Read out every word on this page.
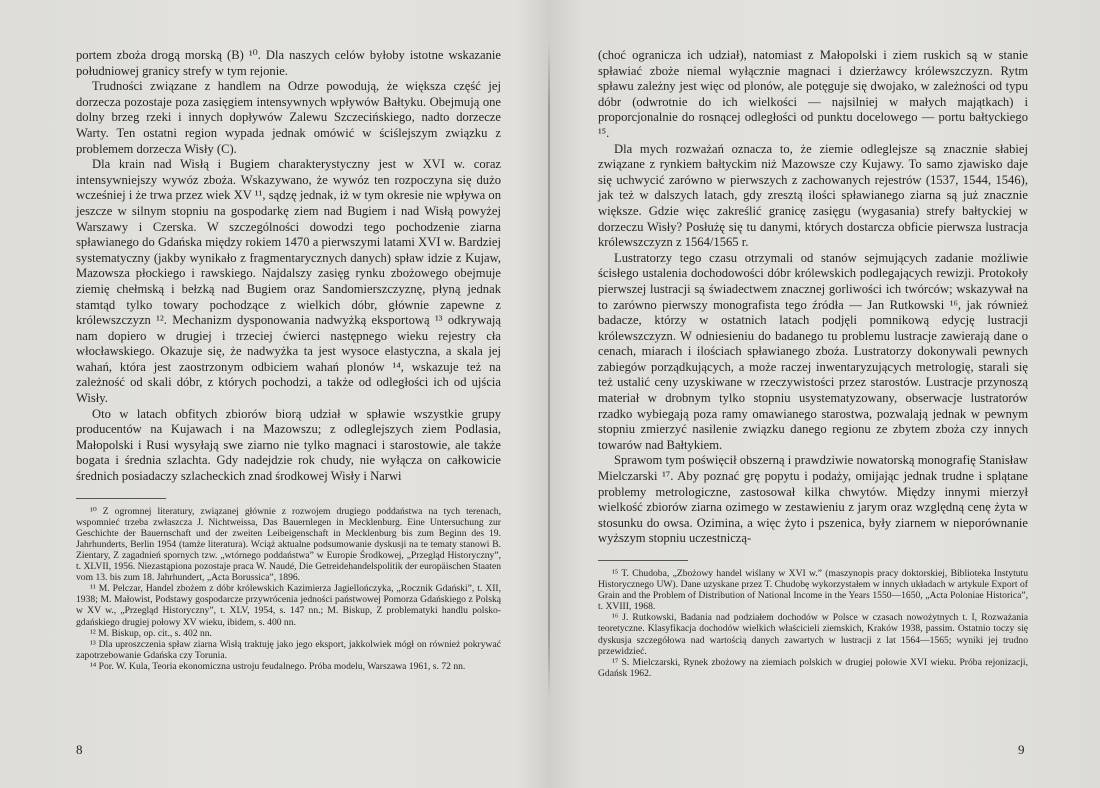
portem zboża drogą morską (B) ¹⁰. Dla naszych celów byłoby istotne wskazanie południowej granicy strefy w tym rejonie.

Trudności związane z handlem na Odrze powodują, że większa część jej dorzecza pozostaje poza zasięgiem intensywnych wpływów Bałtyku. Obejmują one dolny brzeg rzeki i innych dopływów Zalewu Szczecińskiego, nadto dorzecze Warty. Ten ostatni region wypada jednak omówić w ściślejszym związku z problemem dorzecza Wisły (C).

Dla krain nad Wisłą i Bugiem charakterystyczny jest w XVI w. coraz intensywniejszy wywóz zboża. Wskazywano, że wywóz ten rozpoczyna się dużo wcześniej i że trwa przez wiek XV ¹¹, sądzę jednak, iż w tym okresie nie wpływa on jeszcze w silnym stopniu na gospodarkę ziem nad Bugiem i nad Wisłą powyżej Warszawy i Czerska. W szczególności dowodzi tego pochodzenie ziarna spławianego do Gdańska między rokiem 1470 a pierwszymi latami XVI w. Bardziej systematyczny (jakby wynikało z fragmentarycznych danych) spław idzie z Kujaw, Mazowsza płockiego i rawskiego. Najdalszy zasięg rynku zbożowego obejmuje ziemię chełmską i bełzką nad Bugiem oraz Sandomierszczyznę, płyną jednak stamtąd tylko towary pochodzące z wielkich dóbr, głównie zapewne z królewszczyzn ¹². Mechanizm dysponowania nadwyżką eksportową ¹³ odkrywają nam dopiero w drugiej i trzeciej ćwierci następnego wieku rejestry cła włocławskiego. Okazuje się, że nadwyżka ta jest wysoce elastyczna, a skala jej wahań, która jest zaostrzonym odbiciem wahań plonów ¹⁴, wskazuje też na zależność od skali dóbr, z których pochodzi, a także od odległości ich od ujścia Wisły.

Oto w latach obfitych zbiorów biorą udział w spławie wszystkie grupy producentów na Kujawach i na Mazowszu; z odleglejszych ziem Podlasia, Małopolski i Rusi wysyłają swe ziarno nie tylko magnaci i starostowie, ale także bogata i średnia szlachta. Gdy nadejdzie rok chudy, nie wyłącza on całkowicie średnich posiadaczy szlacheckich znad środkowej Wisły i Narwi

¹⁰ Z ogromnej literatury, związanej głównie z rozwojem drugiego poddaństwa na tych terenach, wspomnieć trzeba zwłaszcza J. Nichtweissa, Das Bauernlegen in Mecklenburg. Eine Untersuchung zur Geschichte der Bauernschaft und der zweiten Leibeigenschaft in Mecklenburg bis zum Beginn des 19. Jahrhunderts, Berlin 1954 (tamże literatura). Wciąż aktualne podsumowanie dyskusji na te tematy stanowi B. Zientary, Z zagadnień spornych tzw. „wtórnego poddaństwa” w Europie Środkowej, „Przegląd Historyczny”, t. XLVII, 1956. Niezastąpiona pozostaje praca W. Naudé, Die Getreidehandelspolitik der europäischen Staaten vom 13. bis zum 18. Jahrhundert, „Acta Borussica”, 1896.

¹¹ M. Pelczar, Handel zbożem z dóbr królewskich Kazimierza Jagiellończyka, „Rocznik Gdański”, t. XII, 1938; M. Małowist, Podstawy gospodarcze przywrócenia jedności państwowej Pomorza Gdańskiego z Polską w XV w., „Przegląd Historyczny”, t. XLV, 1954, s. 147 nn.; M. Biskup, Z problematyki handlu polsko-gdańskiego drugiej połowy XV wieku, ibidem, s. 400 nn.

¹² M. Biskup, op. cit., s. 402 nn.

¹³ Dla uproszczenia spław ziarna Wisłą traktuję jako jego eksport, jakkolwiek mógł on również pokrywać zapotrzebowanie Gdańska czy Torunia.

¹⁴ Por. W. Kula, Teoria ekonomiczna ustroju feudalnego. Próba modelu, Warszawa 1961, s. 72 nn.

8

(choć ogranicza ich udział), natomiast z Małopolski i ziem ruskich są w stanie spławiać zboże niemal wyłącznie magnaci i dzierżawcy królewszczyzn. Rytm spławu zależny jest więc od plonów, ale potęguje się dwojako, w zależności od typu dóbr (odwrotnie do ich wielkości — najsilniej w małych majątkach) i proporcjonalnie do rosnącej odległości od punktu docelowego — portu bałtyckiego ¹⁵.

Dla mych rozważań oznacza to, że ziemie odleglejsze są znacznie słabiej związane z rynkiem bałtyckim niż Mazowsze czy Kujawy. To samo zjawisko daje się uchwycić zarówno w pierwszych z zachowanych rejestrów (1537, 1544, 1546), jak też w dalszych latach, gdy zresztą ilości spławianego ziarna są już znacznie większe. Gdzie więc zakreślić granicę zasięgu (wygasania) strefy bałtyckiej w dorzeczu Wisły? Posłużę się tu danymi, których dostarcza obficie pierwsza lustracja królewszczyzn z 1564/1565 r.

Lustratorzy tego czasu otrzymali od stanów sejmujących zadanie możliwie ścisłego ustalenia dochodowości dóbr królewskich podlegających rewizji. Protokoły pierwszej lustracji są świadectwem znacznej gorliwości ich twórców; wskazywał na to zarówno pierwszy monografista tego źródła — Jan Rutkowski ¹⁶, jak również badacze, którzy w ostatnich latach podjęli pomnikową edycję lustracji królewszczyzn. W odniesieniu do badanego tu problemu lustracje zawierają dane o cenach, miarach i ilościach spławianego zboża. Lustratorzy dokonywali pewnych zabiegów porządkujących, a może raczej inwentaryzujących metrologię, starali się też ustalić ceny uzyskiwane w rzeczywistości przez starostów. Lustracje przynoszą materiał w drobnym tylko stopniu usystematyzowany, obserwacje lustratorów rzadko wybiegają poza ramy omawianego starostwa, pozwalają jednak w pewnym stopniu zmierzyć nasilenie związku danego regionu ze zbytem zboża czy innych towarów nad Bałtykiem.

Sprawom tym poświęcił obszerną i prawdziwie nowatorską monografię Stanisław Mielczarski ¹⁷. Aby poznać grę popytu i podaży, omijając jednak trudne i splątane problemy metrologiczne, zastosował kilka chwytów. Między innymi mierzył wielkość zbiorów ziarna ozimego w zestawieniu z jarym oraz względną cenę żyta w stosunku do owsa. Ozimina, a więc żyto i pszenica, były ziarnem w nieporównanie wyższym stopniu uczestniczą-

¹⁵ T. Chudoba, „Zbożowy handel wiślany w XVI w.” (maszynopis pracy doktorskiej, Biblioteka Instytutu Historycznego UW). Dane uzyskane przez T. Chudobę wykorzystałem w innych układach w artykule Export of Grain and the Problem of Distribution of National Income in the Years 1550—1650, „Acta Poloniae Historica”, t. XVIII, 1968.

¹⁶ J. Rutkowski, Badania nad podziałem dochodów w Polsce w czasach nowożytnych t. I, Rozważania teoretyczne. Klasyfikacja dochodów wielkich właścicieli ziemskich, Kraków 1938, passim. Ostatnio toczy się dyskusja szczegółowa nad wartością danych zawartych w lustracji z lat 1564—1565; wyniki jej trudno przewidzieć.

¹⁷ S. Mielczarski, Rynek zbożowy na ziemiach polskich w drugiej połowie XVI wieku. Próba rejonizacji, Gdańsk 1962.

9
